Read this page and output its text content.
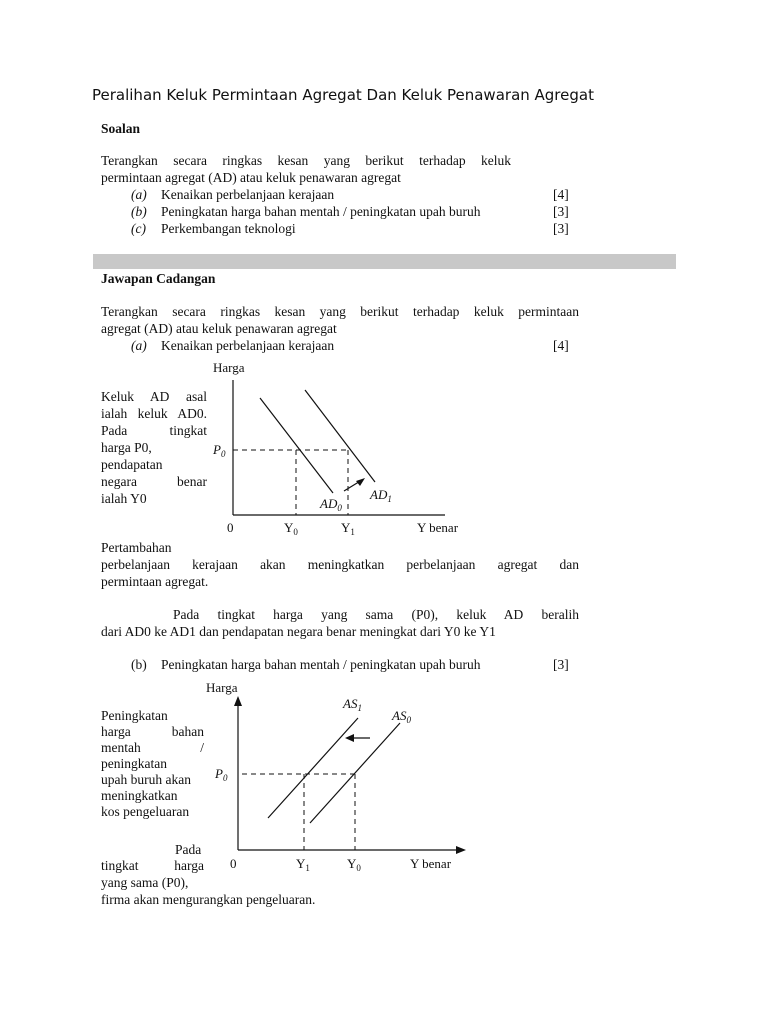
Peralihan Keluk Permintaan Agregat Dan Keluk Penawaran Agregat
Soalan
Terangkan secara ringkas kesan yang berikut terhadap keluk
permintaan agregat (AD) atau keluk penawaran agregat
(a) Kenaikan perbelanjaan kerajaan	[4]
(b) Peningkatan harga bahan mentah / peningkatan upah buruh	[3]
(c) Perkembangan teknologi	[3]
Jawapan Cadangan
Terangkan secara ringkas kesan yang berikut terhadap keluk permintaan
agregat (AD) atau keluk penawaran agregat
(a) Kenaikan perbelanjaan kerajaan	[4]
Keluk AD asal
ialah keluk AD0.
Pada tingkat
harga P0,
pendapatan
negara benar
ialah Y0
Harga
$P_0$
$AD_0$
$AD_1$
0	$Y_0$	$Y_1$	Y benar
Pertambahan
perbelanjaan kerajaan akan meningkatkan perbelanjaan agregat dan
permintaan agregat.
Pada tingkat harga yang sama (P0), keluk AD beralih
dari AD0 ke AD1 dan pendapatan negara benar meningkat dari Y0 ke Y1
(b) Peningkatan harga bahan mentah / peningkatan upah buruh	[3]
Peningkatan
harga bahan
mentah /
peningkatan
upah buruh akan
meningkatkan
kos pengeluaran
Pada
tingkat harga
yang sama (P0),
firma akan mengurangkan pengeluaran.
Harga
$P_0$
$AS_1$ $AS_0$
0	$Y_1$	$Y_0$	Y benar
